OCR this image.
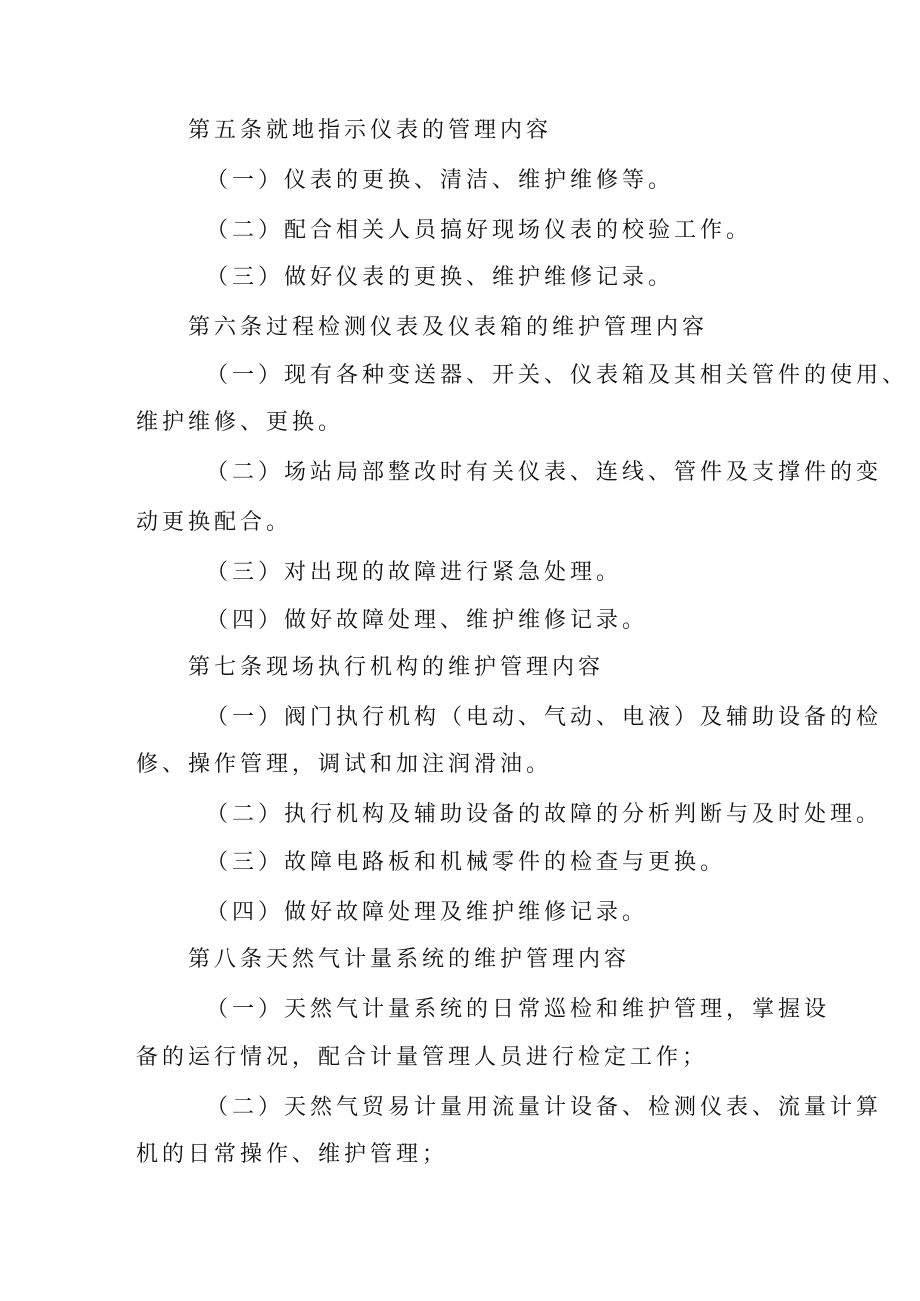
第五条就地指示仪表的管理内容
（一）仪表的更换、清洁、维护维修等。
（二）配合相关人员搞好现场仪表的校验工作。
（三）做好仪表的更换、维护维修记录。
第六条过程检测仪表及仪表箱的维护管理内容
（一）现有各种变送器、开关、仪表箱及其相关管件的使用、
维护维修、更换。
（二）场站局部整改时有关仪表、连线、管件及支撑件的变
动更换配合。
（三）对出现的故障进行紧急处理。
（四）做好故障处理、维护维修记录。
第七条现场执行机构的维护管理内容
（一）阀门执行机构（电动、气动、电液）及辅助设备的检
修、操作管理，调试和加注润滑油。
（二）执行机构及辅助设备的故障的分析判断与及时处理。
（三）故障电路板和机械零件的检查与更换。
（四）做好故障处理及维护维修记录。
第八条天然气计量系统的维护管理内容
（一）天然气计量系统的日常巡检和维护管理，掌握设
备的运行情况，配合计量管理人员进行检定工作；
（二）天然气贸易计量用流量计设备、检测仪表、流量计算
机的日常操作、维护管理；
